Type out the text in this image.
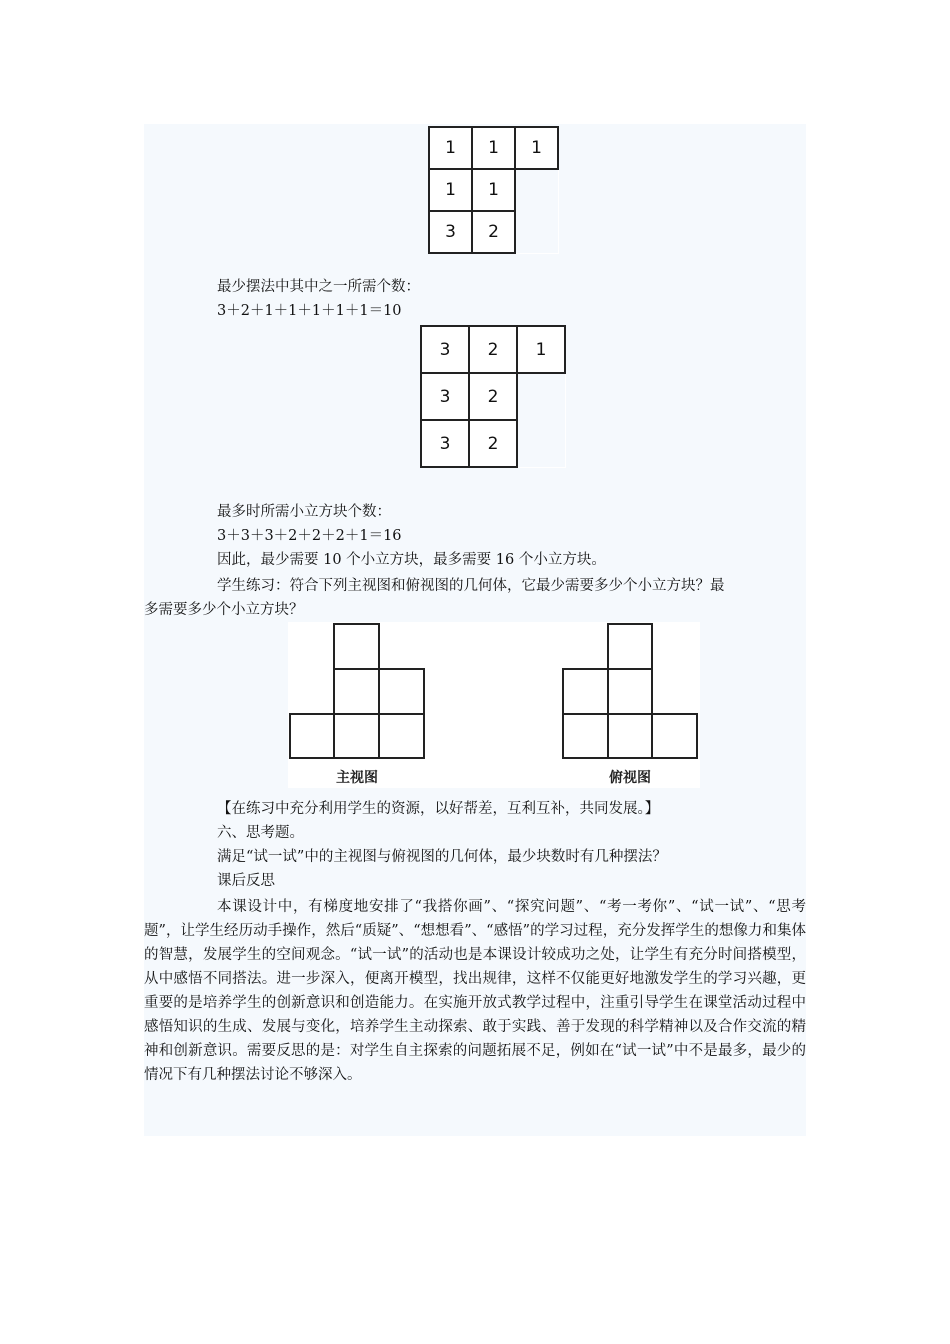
1	1	1
1	1	
3	2	
最少摆法中其中之一所需个数：
3＋2＋1＋1＋1＋1＋1＝10
3	2	1
3	2	
3	2	
最多时所需小立方块个数：
3＋3＋3＋2＋2＋2＋1＝16
因此，最少需要 10 个小立方块，最多需要 16 个小立方块。
学生练习：符合下列主视图和俯视图的几何体，它最少需要多少个小立方块？最
多需要多少个小立方块？
主视图	俯视图
【在练习中充分利用学生的资源，以好帮差，互利互补，共同发展。】
六、思考题。
满足“试一试”中的主视图与俯视图的几何体，最少块数时有几种摆法？
课后反思

本课设计中，有梯度地安排了“我搭你画”、“探究问题”、“考一考你”、“试一试”、“思考题”，让学生经历动手操作，然后“质疑”、“想想看”、“感悟”的学习过程，充分发挥学生的想像力和集体的智慧，发展学生的空间观念。“试一试”的活动也是本课设计较成功之处，让学生有充分时间搭模型，从中感悟不同搭法。进一步深入，便离开模型，找出规律，这样不仅能更好地激发学生的学习兴趣，更重要的是培养学生的创新意识和创造能力。在实施开放式教学过程中，注重引导学生在课堂活动过程中感悟知识的生成、发展与变化，培养学生主动探索、敢于实践、善于发现的科学精神以及合作交流的精神和创新意识。需要反思的是：对学生自主探索的问题拓展不足，例如在“试一试”中不是最多，最少的情况下有几种摆法讨论不够深入。
